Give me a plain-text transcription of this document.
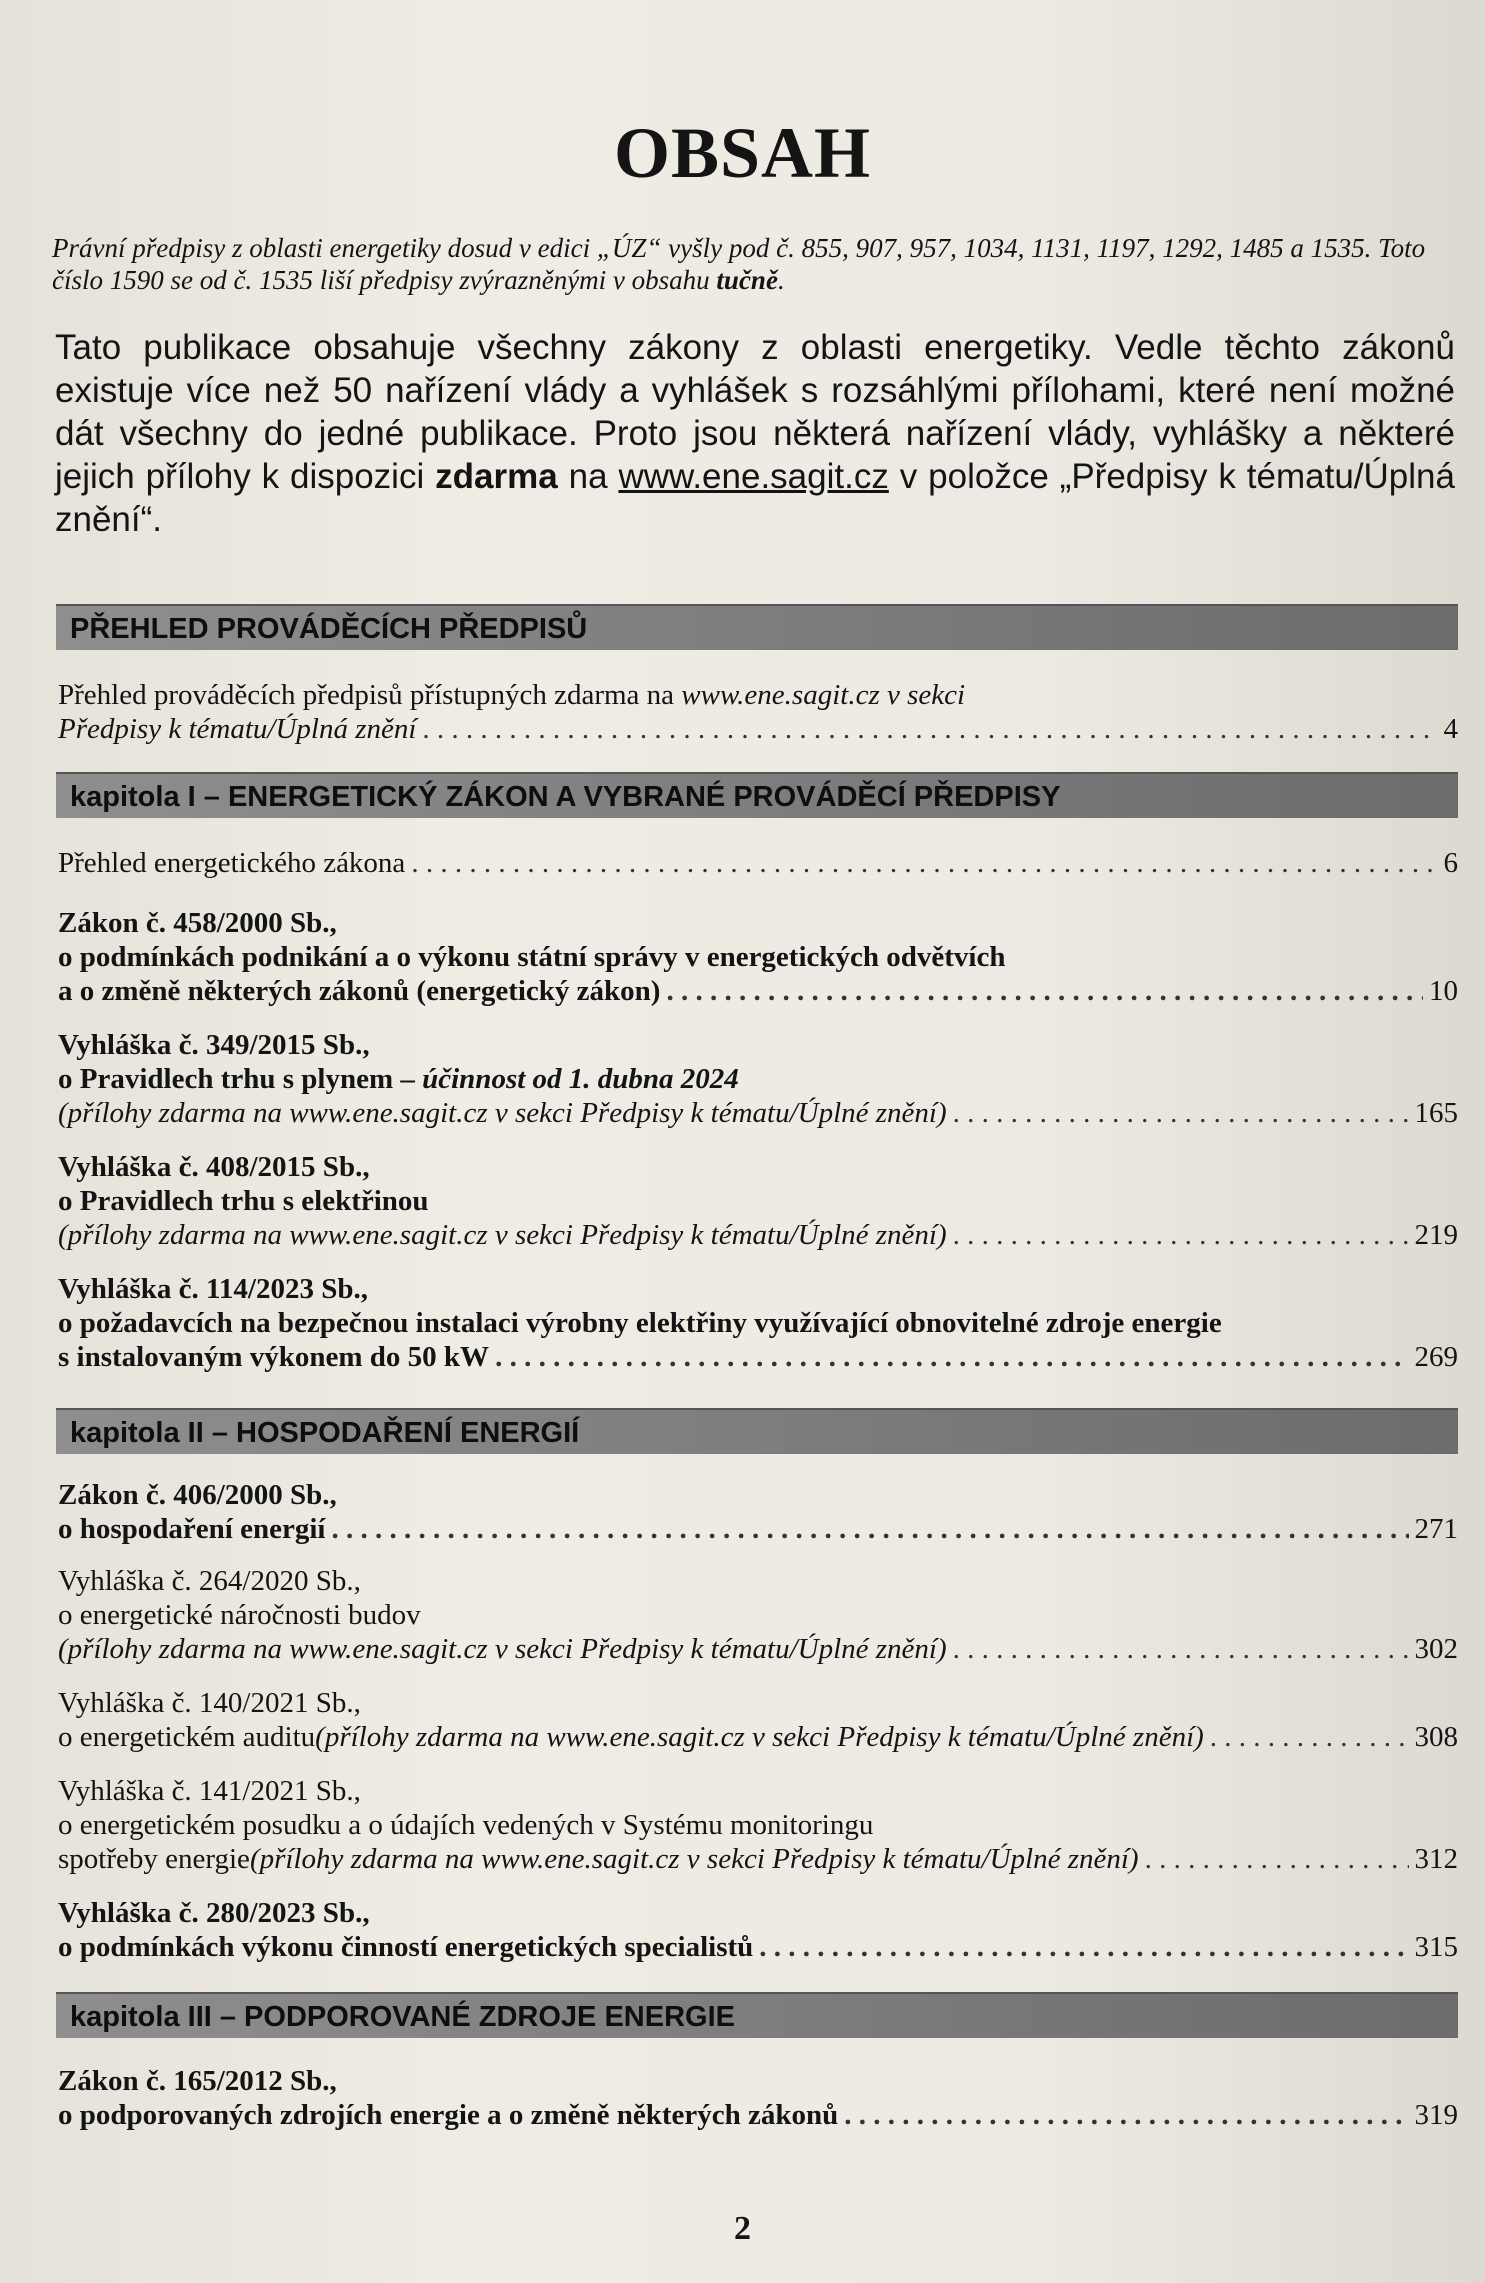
OBSAH
Právní předpisy z oblasti energetiky dosud v edici „ÚZ“ vyšly pod č. 855, 907, 957, 1034, 1131, 1197, 1292, 1485 a 1535. Toto číslo 1590 se od č. 1535 liší předpisy zvýrazněnými v obsahu tučně.
Tato publikace obsahuje všechny zákony z oblasti energetiky. Vedle těchto zákonů existuje více než 50 nařízení vlády a vyhlášek s rozsáhlými přílohami, které není možné dát všechny do jedné publikace. Proto jsou některá nařízení vlády, vyhlášky a některé jejich přílohy k dispozici zdarma na www.ene.sagit.cz v položce „Předpisy k tématu/Úplná znění“.
PŘEHLED PROVÁDĚCÍCH PŘEDPISŮ
Přehled prováděcích předpisů přístupných zdarma na www.ene.sagit.cz v sekci
Předpisy k tématu/Úplná znění . . .	4
kapitola I – ENERGETICKÝ ZÁKON A VYBRANÉ PROVÁDĚCÍ PŘEDPISY
Přehled energetického zákona . . .	6
Zákon č. 458/2000 Sb.,
o podmínkách podnikání a o výkonu státní správy v energetických odvětvích
a o změně některých zákonů (energetický zákon) . . .	10
Vyhláška č. 349/2015 Sb.,
o Pravidlech trhu s plynem – účinnost od 1. dubna 2024
(přílohy zdarma na www.ene.sagit.cz v sekci Předpisy k tématu/Úplné znění) . . .	165
Vyhláška č. 408/2015 Sb.,
o Pravidlech trhu s elektřinou
(přílohy zdarma na www.ene.sagit.cz v sekci Předpisy k tématu/Úplné znění) . . .	219
Vyhláška č. 114/2023 Sb.,
o požadavcích na bezpečnou instalaci výrobny elektřiny využívající obnovitelné zdroje energie
s instalovaným výkonem do 50 kW . . .	269
kapitola II – HOSPODAŘENÍ ENERGIÍ
Zákon č. 406/2000 Sb.,
o hospodaření energií . . .	271
Vyhláška č. 264/2020 Sb.,
o energetické náročnosti budov
(přílohy zdarma na www.ene.sagit.cz v sekci Předpisy k tématu/Úplné znění) . . .	302
Vyhláška č. 140/2021 Sb.,
o energetickém auditu (přílohy zdarma na www.ene.sagit.cz v sekci Předpisy k tématu/Úplné znění) . . .	308
Vyhláška č. 141/2021 Sb.,
o energetickém posudku a o údajích vedených v Systému monitoringu
spotřeby energie (přílohy zdarma na www.ene.sagit.cz v sekci Předpisy k tématu/Úplné znění) . . .	312
Vyhláška č. 280/2023 Sb.,
o podmínkách výkonu činností energetických specialistů . . .	315
kapitola III – PODPOROVANÉ ZDROJE ENERGIE
Zákon č. 165/2012 Sb.,
o podporovaných zdrojích energie a o změně některých zákonů . . .	319
2
